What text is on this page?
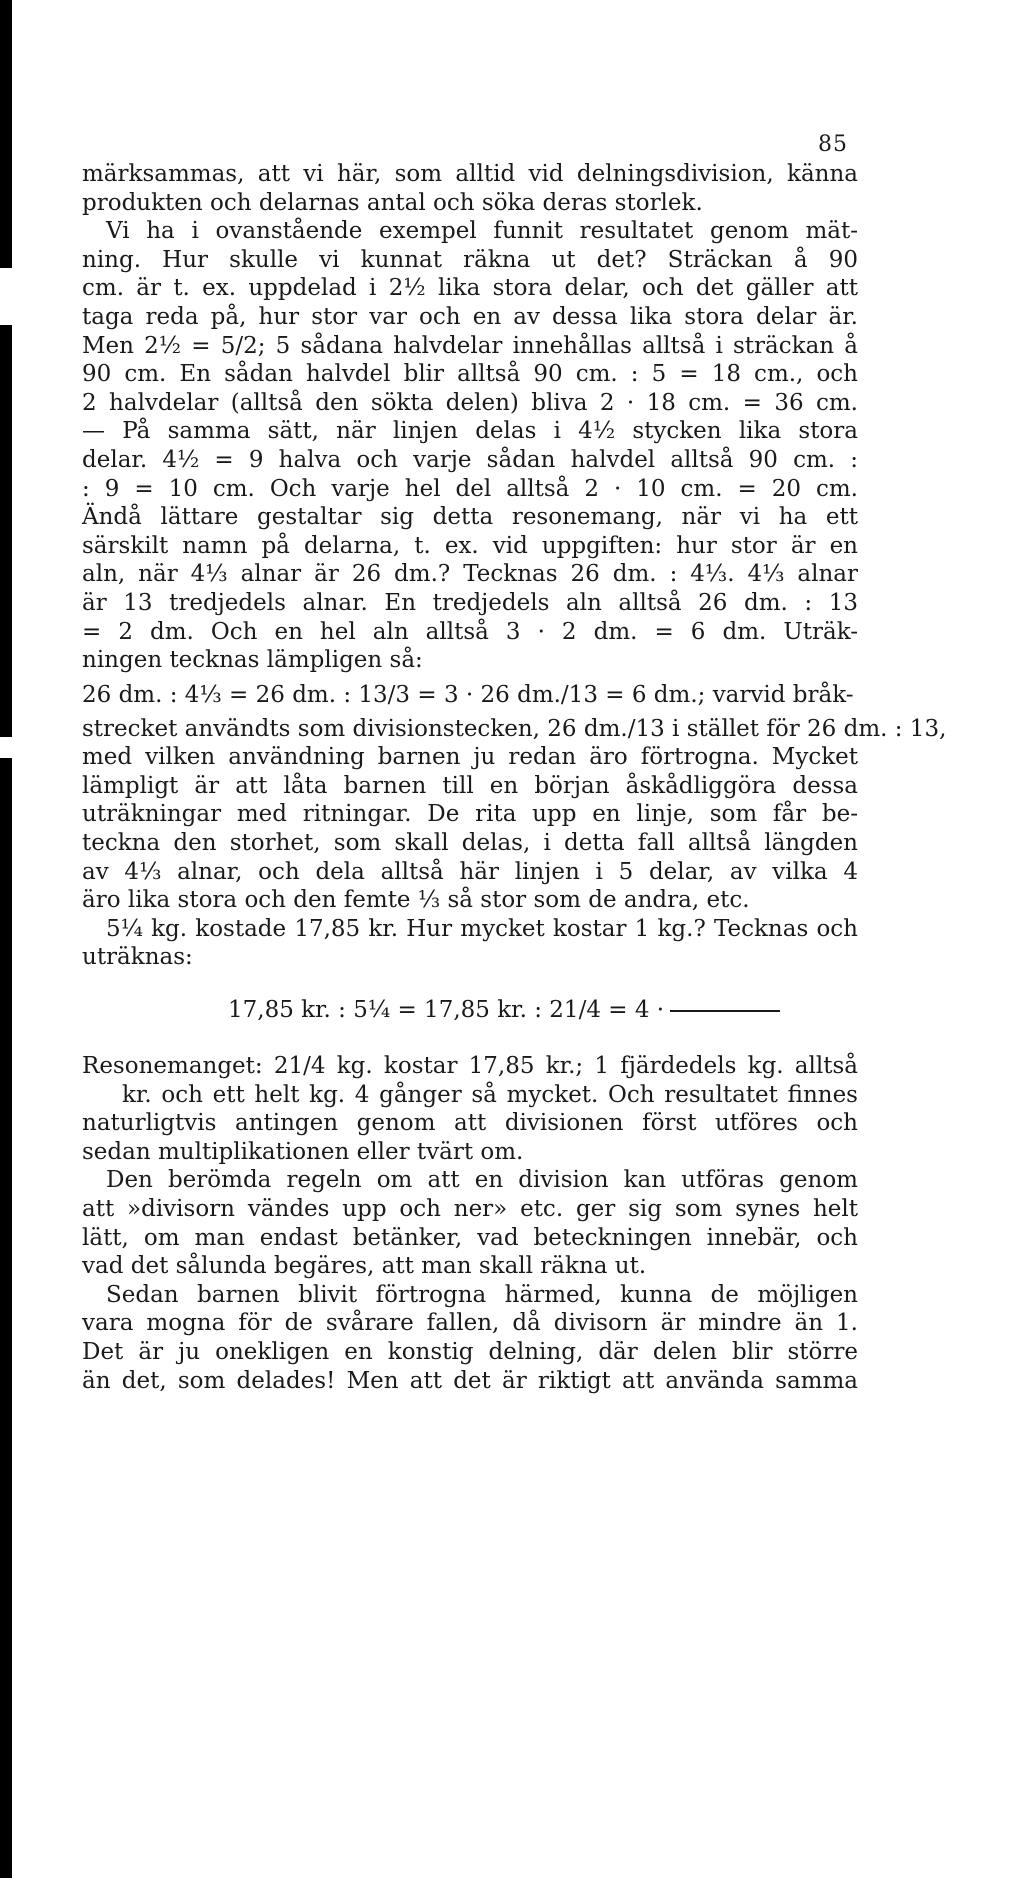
85
märksammas, att vi här, som alltid vid delningsdivision, känna
produkten och delarnas antal och söka deras storlek.
Vi ha i ovanstående exempel funnit resultatet genom mät-
ning. Hur skulle vi kunnat räkna ut det? Sträckan å 90
cm. är t. ex. uppdelad i 2½ lika stora delar, och det gäller att
taga reda på, hur stor var och en av dessa lika stora delar är.
Men 2½ = 5/2; 5 sådana halvdelar innehållas alltså i sträckan å
90 cm. En sådan halvdel blir alltså 90 cm. : 5 = 18 cm., och
2 halvdelar (alltså den sökta delen) bliva 2 · 18 cm. = 36 cm.
— På samma sätt, när linjen delas i 4½ stycken lika stora
delar. 4½ = 9 halva och varje sådan halvdel alltså 90 cm. :
: 9 = 10 cm. Och varje hel del alltså 2 · 10 cm. = 20 cm.
Ändå lättare gestaltar sig detta resonemang, när vi ha ett
särskilt namn på delarna, t. ex. vid uppgiften: hur stor är en
aln, när 4⅓ alnar är 26 dm.? Tecknas 26 dm. : 4⅓. 4⅓ alnar
är 13 tredjedels alnar. En tredjedels aln alltså 26 dm. : 13
= 2 dm. Och en hel aln alltså 3 · 2 dm. = 6 dm. Uträk-
ningen tecknas lämpligen så:
26 dm. : 4⅓ = 26 dm. : 13/3 = 3 · 26 dm./13 = 6 dm.; varvid bråk-
strecket användts som divisionstecken, 26 dm./13 i stället för 26 dm. : 13,
med vilken användning barnen ju redan äro förtrogna. Mycket
lämpligt är att låta barnen till en början åskådliggöra dessa
uträkningar med ritningar. De rita upp en linje, som får be-
teckna den storhet, som skall delas, i detta fall alltså längden
av 4⅓ alnar, och dela alltså här linjen i 5 delar, av vilka 4
äro lika stora och den femte ⅓ så stor som de andra, etc.
5¼ kg. kostade 17,85 kr. Hur mycket kostar 1 kg.? Tecknas och
uträknas:
17,85 kr. : 5¼ = 17,85 kr. : 21/4 = 4 ·
Resonemanget: 21/4 kg. kostar 17,85 kr.; 1 fjärdedels kg. alltså
kr. och ett helt kg. 4 gånger så mycket. Och resultatet finnes
naturligtvis antingen genom att divisionen först utföres och
sedan multiplikationen eller tvärt om.
Den berömda regeln om att en division kan utföras genom
att »divisorn vändes upp och ner» etc. ger sig som synes helt
lätt, om man endast betänker, vad beteckningen innebär, och
vad det sålunda begäres, att man skall räkna ut.
Sedan barnen blivit förtrogna härmed, kunna de möjligen
vara mogna för de svårare fallen, då divisorn är mindre än 1.
Det är ju onekligen en konstig delning, där delen blir större
än det, som delades! Men att det är riktigt att använda samma
